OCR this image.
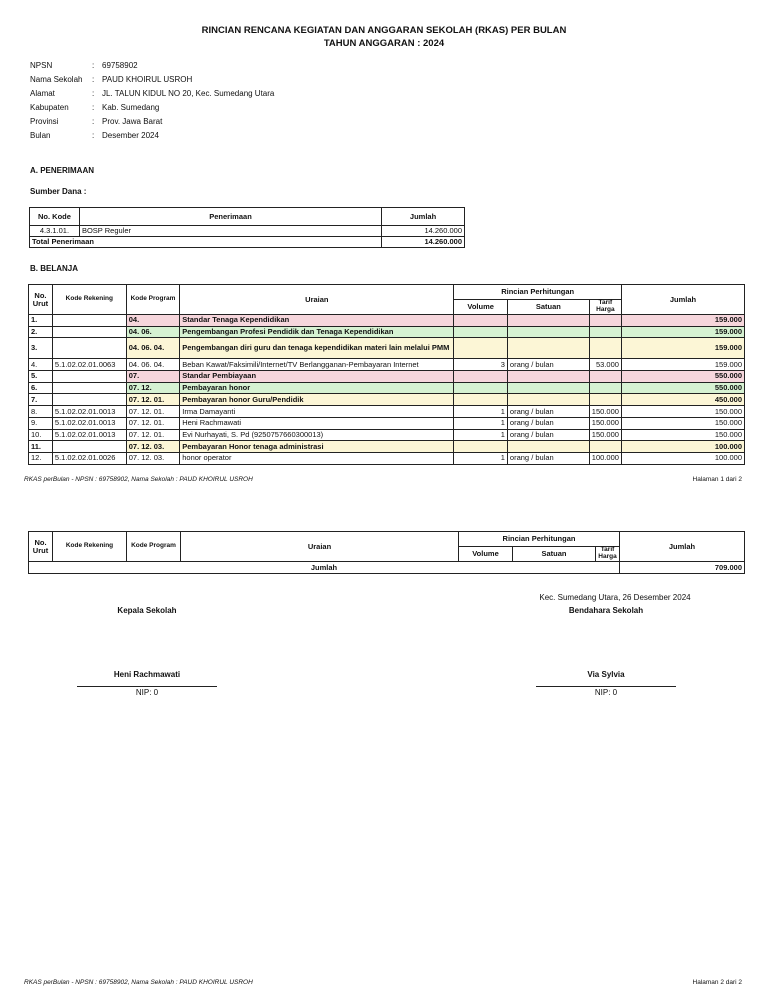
RINCIAN RENCANA KEGIATAN DAN ANGGARAN SEKOLAH (RKAS) PER BULAN
TAHUN ANGGARAN : 2024
NPSN	: 69758902
Nama Sekolah	: PAUD KHOIRUL USROH
Alamat	: JL. TALUN KIDUL NO 20, Kec. Sumedang Utara
Kabupaten	: Kab. Sumedang
Provinsi	: Prov. Jawa Barat
Bulan	: Desember 2024
A. PENERIMAAN
Sumber Dana :
No. Kode	Penerimaan	Jumlah
4.3.1.01.	BOSP Reguler	14.260.000
Total Penerimaan		14.260.000
B. BELANJA
No. Urut	Kode Rekening	Kode Program	Uraian	Rincian Perhitungan			Jumlah
				Volume	Satuan	Tarif Harga	
1.		04.	Standar Tenaga Kependidikan				159.000
2.		04. 06.	Pengembangan Profesi Pendidik dan Tenaga Kependidikan				159.000
3.		04. 06. 04.	Pengembangan diri guru dan tenaga kependidikan materi lain melalui PMM				159.000
4.	5.1.02.02.01.0063	04. 06. 04.	Beban Kawat/Faksimili/Internet/TV Berlangganan-Pembayaran Internet	3	orang / bulan	53.000	159.000
5.		07.	Standar Pembiayaan				550.000
6.		07. 12.	Pembayaran honor				550.000
7.		07. 12. 01.	Pembayaran honor Guru/Pendidik				450.000
8.	5.1.02.02.01.0013	07. 12. 01.	Irma Damayanti	1	orang / bulan	150.000	150.000
9.	5.1.02.02.01.0013	07. 12. 01.	Heni Rachmawati	1	orang / bulan	150.000	150.000
10.	5.1.02.02.01.0013	07. 12. 01.	Evi Nurhayati, S. Pd (9250757660300013)	1	orang / bulan	150.000	150.000
11.		07. 12. 03.	Pembayaran Honor tenaga administrasi				100.000
12.	5.1.02.02.01.0026	07. 12. 03.	honor operator	1	orang / bulan	100.000	100.000
RKAS perBulan - NPSN : 69758902, Nama Sekolah : PAUD KHOIRUL USROH	Halaman 1 dari 2
No. Urut	Kode Rekening	Kode Program	Uraian	Rincian Perhitungan			Jumlah
				Volume	Satuan	Tarif Harga	
Jumlah							709.000
Kec. Sumedang Utara, 26 Desember 2024
Kepala Sekolah	Bendahara Sekolah
Heni Rachmawati	Via Sylvia
NIP: 0	NIP: 0
RKAS perBulan - NPSN : 69758902, Nama Sekolah : PAUD KHOIRUL USROH	Halaman 2 dari 2
